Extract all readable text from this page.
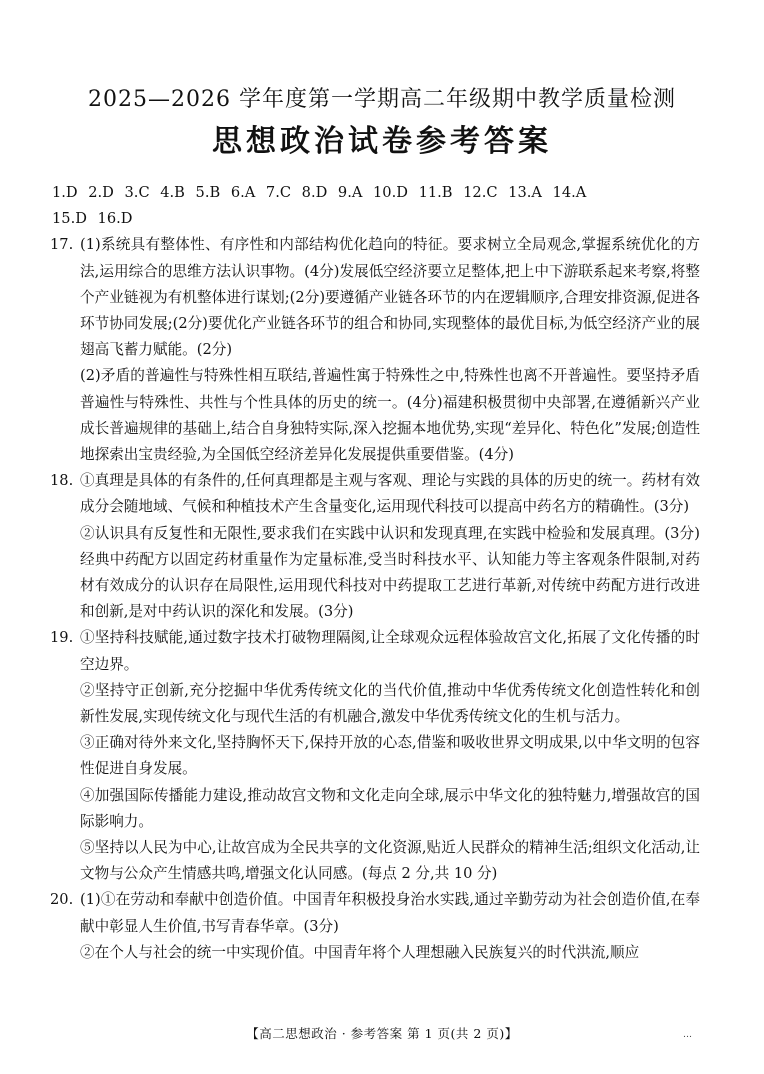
2025—2026 学年度第一学期高二年级期中教学质量检测
思想政治试卷参考答案

1.D 2.D 3.C 4.B 5.B 6.A 7.C 8.D 9.A 10.D 11.B 12.C 13.A 14.A

15.D 16.D

17. (1)系统具有整体性、有序性和内部结构优化趋向的特征。要求树立全局观念,掌握系统优化的方法,运用综合的思维方法认识事物。(4分)发展低空经济要立足整体,把上中下游联系起来考察,将整个产业链视为有机整体进行谋划;(2分)要遵循产业链各环节的内在逻辑顺序,合理安排资源,促进各环节协同发展;(2分)要优化产业链各环节的组合和协同,实现整体的最优目标,为低空经济产业的展翅高飞蓄力赋能。(2分)

(2)矛盾的普遍性与特殊性相互联结,普遍性寓于特殊性之中,特殊性也离不开普遍性。要坚持矛盾普遍性与特殊性、共性与个性具体的历史的统一。(4分)福建积极贯彻中央部署,在遵循新兴产业成长普遍规律的基础上,结合自身独特实际,深入挖掘本地优势,实现“差异化、特色化”发展;创造性地探索出宝贵经验,为全国低空经济差异化发展提供重要借鉴。(4分)

18. ①真理是具体的有条件的,任何真理都是主观与客观、理论与实践的具体的历史的统一。药材有效成分会随地域、气候和种植技术产生含量变化,运用现代科技可以提高中药名方的精确性。(3分)

②认识具有反复性和无限性,要求我们在实践中认识和发现真理,在实践中检验和发展真理。(3分)经典中药配方以固定药材重量作为定量标准,受当时科技水平、认知能力等主客观条件限制,对药材有效成分的认识存在局限性,运用现代科技对中药提取工艺进行革新,对传统中药配方进行改进和创新,是对中药认识的深化和发展。(3分)

19. ①坚持科技赋能,通过数字技术打破物理隔阂,让全球观众远程体验故宫文化,拓展了文化传播的时空边界。

②坚持守正创新,充分挖掘中华优秀传统文化的当代价值,推动中华优秀传统文化创造性转化和创新性发展,实现传统文化与现代生活的有机融合,激发中华优秀传统文化的生机与活力。

③正确对待外来文化,坚持胸怀天下,保持开放的心态,借鉴和吸收世界文明成果,以中华文明的包容性促进自身发展。

④加强国际传播能力建设,推动故宫文物和文化走向全球,展示中华文化的独特魅力,增强故宫的国际影响力。

⑤坚持以人民为中心,让故宫成为全民共享的文化资源,贴近人民群众的精神生活;组织文化活动,让文物与公众产生情感共鸣,增强文化认同感。(每点 2 分,共 10 分)

20. (1)①在劳动和奉献中创造价值。中国青年积极投身治水实践,通过辛勤劳动为社会创造价值,在奉献中彰显人生价值,书写青春华章。(3分)

②在个人与社会的统一中实现价值。中国青年将个人理想融入民族复兴的时代洪流,顺应

【高二思想政治 · 参考答案 第 1 页(共 2 页)】	…
